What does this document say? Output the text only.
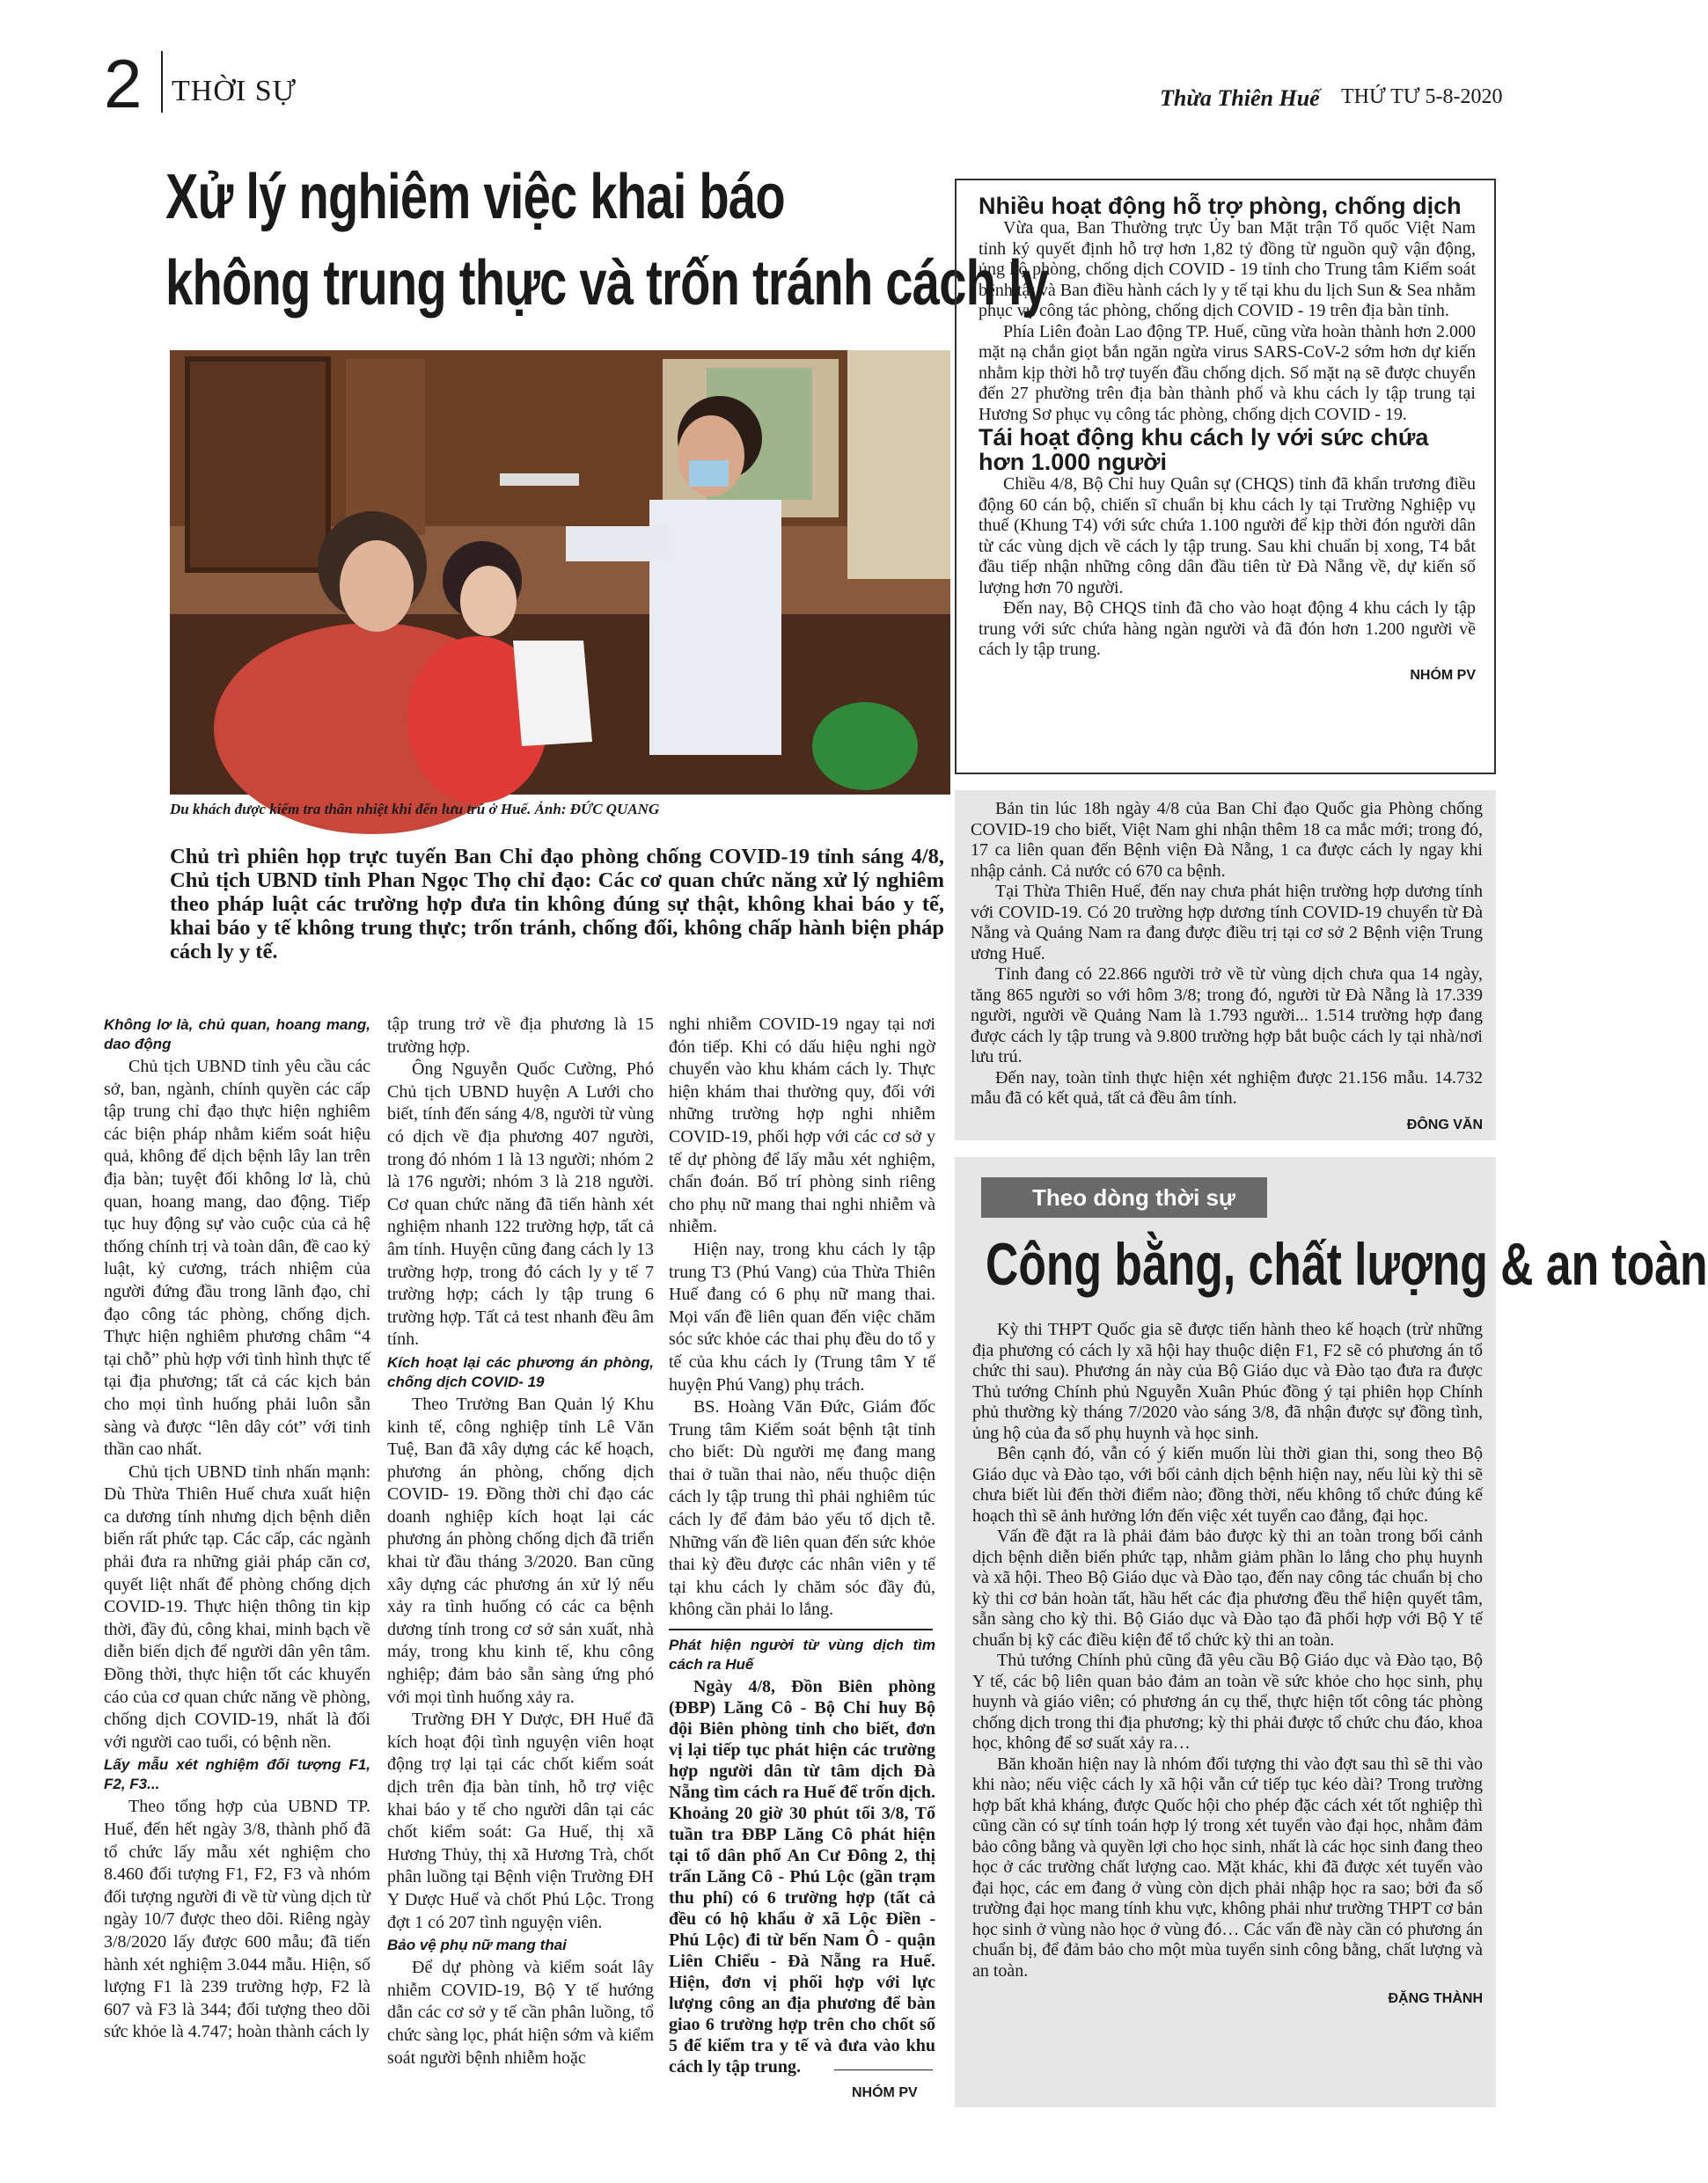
2 THỜI SỰ	Thừa Thiên Huế THỨ TƯ 5-8-2020
Xử lý nghiêm việc khai báo
không trung thực và trốn tránh cách ly
Du khách được kiểm tra thân nhiệt khi đến lưu trú ở Huế. Ảnh: ĐỨC QUANG
Chủ trì phiên họp trực tuyến Ban Chỉ đạo phòng chống COVID-19 tỉnh sáng 4/8, Chủ tịch UBND tỉnh Phan Ngọc Thọ chỉ đạo: Các cơ quan chức năng xử lý nghiêm theo pháp luật các trường hợp đưa tin không đúng sự thật, không khai báo y tế, khai báo y tế không trung thực; trốn tránh, chống đối, không chấp hành biện pháp cách ly y tế.
Không lơ là, chủ quan, hoang mang, dao động

Chủ tịch UBND tỉnh yêu cầu các sở, ban, ngành, chính quyền các cấp tập trung chỉ đạo thực hiện nghiêm các biện pháp nhằm kiểm soát hiệu quả, không để dịch bệnh lây lan trên địa bàn; tuyệt đối không lơ là, chủ quan, hoang mang, dao động. Tiếp tục huy động sự vào cuộc của cả hệ thống chính trị và toàn dân, đề cao kỷ luật, kỷ cương, trách nhiệm của người đứng đầu trong lãnh đạo, chỉ đạo công tác phòng, chống dịch. Thực hiện nghiêm phương châm “4 tại chỗ” phù hợp với tình hình thực tế tại địa phương; tất cả các kịch bản cho mọi tình huống phải luôn sẵn sàng và được “lên dây cót” với tinh thần cao nhất.

Chủ tịch UBND tỉnh nhấn mạnh: Dù Thừa Thiên Huế chưa xuất hiện ca dương tính nhưng dịch bệnh diễn biến rất phức tạp. Các cấp, các ngành phải đưa ra những giải pháp căn cơ, quyết liệt nhất để phòng chống dịch COVID-19. Thực hiện thông tin kịp thời, đầy đủ, công khai, minh bạch về diễn biến dịch để người dân yên tâm. Đồng thời, thực hiện tốt các khuyến cáo của cơ quan chức năng về phòng, chống dịch COVID-19, nhất là đối với người cao tuổi, có bệnh nền.

Lấy mẫu xét nghiệm đối tượng F1, F2, F3...

Theo tổng hợp của UBND TP. Huế, đến hết ngày 3/8, thành phố đã tổ chức lấy mẫu xét nghiệm cho 8.460 đối tượng F1, F2, F3 và nhóm đối tượng người đi về từ vùng dịch từ ngày 10/7 được theo dõi. Riêng ngày 3/8/2020 lấy được 600 mẫu; đã tiến hành xét nghiệm 3.044 mẫu. Hiện, số lượng F1 là 239 trường hợp, F2 là 607 và F3 là 344; đối tượng theo dõi sức khỏe là 4.747; hoàn thành cách ly

tập trung trở về địa phương là 15 trường hợp.

Ông Nguyễn Quốc Cường, Phó Chủ tịch UBND huyện A Lưới cho biết, tính đến sáng 4/8, người từ vùng có dịch về địa phương 407 người, trong đó nhóm 1 là 13 người; nhóm 2 là 176 người; nhóm 3 là 218 người. Cơ quan chức năng đã tiến hành xét nghiệm nhanh 122 trường hợp, tất cả âm tính. Huyện cũng đang cách ly 13 trường hợp, trong đó cách ly y tế 7 trường hợp; cách ly tập trung 6 trường hợp. Tất cả test nhanh đều âm tính.

Kích hoạt lại các phương án phòng, chống dịch COVID- 19

Theo Trưởng Ban Quản lý Khu kinh tế, công nghiệp tỉnh Lê Văn Tuệ, Ban đã xây dựng các kế hoạch, phương án phòng, chống dịch COVID- 19. Đồng thời chỉ đạo các doanh nghiệp kích hoạt lại các phương án phòng chống dịch đã triển khai từ đầu tháng 3/2020. Ban cũng xây dựng các phương án xử lý nếu xảy ra tình huống có các ca bệnh dương tính trong cơ sở sản xuất, nhà máy, trong khu kinh tế, khu công nghiệp; đảm bảo sẵn sàng ứng phó với mọi tình huống xảy ra.

Trường ĐH Y Dược, ĐH Huế đã kích hoạt đội tình nguyện viên hoạt động trợ lại tại các chốt kiểm soát dịch trên địa bàn tỉnh, hỗ trợ việc khai báo y tế cho người dân tại các chốt kiểm soát: Ga Huế, thị xã Hương Thủy, thị xã Hương Trà, chốt phân luồng tại Bệnh viện Trường ĐH Y Dược Huế và chốt Phú Lộc. Trong đợt 1 có 207 tình nguyện viên.

Bảo vệ phụ nữ mang thai

Để dự phòng và kiểm soát lây nhiễm COVID-19, Bộ Y tế hướng dẫn các cơ sở y tế cần phân luồng, tổ chức sàng lọc, phát hiện sớm và kiểm soát người bệnh nhiễm hoặc

nghi nhiễm COVID-19 ngay tại nơi đón tiếp. Khi có dấu hiệu nghi ngờ chuyển vào khu khám cách ly. Thực hiện khám thai thường quy, đối với những trường hợp nghi nhiễm COVID-19, phối hợp với các cơ sở y tế dự phòng để lấy mẫu xét nghiệm, chẩn đoán. Bố trí phòng sinh riêng cho phụ nữ mang thai nghi nhiễm và nhiễm.

Hiện nay, trong khu cách ly tập trung T3 (Phú Vang) của Thừa Thiên Huế đang có 6 phụ nữ mang thai. Mọi vấn đề liên quan đến việc chăm sóc sức khỏe các thai phụ đều do tổ y tế của khu cách ly (Trung tâm Y tế huyện Phú Vang) phụ trách.

BS. Hoàng Văn Đức, Giám đốc Trung tâm Kiểm soát bệnh tật tỉnh cho biết: Dù người mẹ đang mang thai ở tuần thai nào, nếu thuộc diện cách ly tập trung thì phải nghiêm túc cách ly để đảm bảo yếu tố dịch tễ. Những vấn đề liên quan đến sức khỏe thai kỳ đều được các nhân viên y tế tại khu cách ly chăm sóc đầy đủ, không cần phải lo lắng.

Phát hiện người từ vùng dịch tìm cách ra Huế

Ngày 4/8, Đồn Biên phòng (ĐBP) Lăng Cô - Bộ Chỉ huy Bộ đội Biên phòng tỉnh cho biết, đơn vị lại tiếp tục phát hiện các trường hợp người dân từ tâm dịch Đà Nẵng tìm cách ra Huế để trốn dịch. Khoảng 20 giờ 30 phút tối 3/8, Tổ tuần tra ĐBP Lăng Cô phát hiện tại tổ dân phố An Cư Đông 2, thị trấn Lăng Cô - Phú Lộc (gần trạm thu phí) có 6 trường hợp (tất cả đều có hộ khẩu ở xã Lộc Điền - Phú Lộc) đi từ bến Nam Ô - quận Liên Chiểu - Đà Nẵng ra Huế. Hiện, đơn vị phối hợp với lực lượng công an địa phương để bàn giao 6 trường hợp trên cho chốt số 5 để kiểm tra y tế và đưa vào khu cách ly tập trung.

NHÓM PV
Nhiều hoạt động hỗ trợ phòng, chống dịch

Vừa qua, Ban Thường trực Ủy ban Mặt trận Tổ quốc Việt Nam tỉnh ký quyết định hỗ trợ hơn 1,82 tỷ đồng từ nguồn quỹ vận động, ủng hộ phòng, chống dịch COVID - 19 tỉnh cho Trung tâm Kiểm soát bệnh tật và Ban điều hành cách ly y tế tại khu du lịch Sun & Sea nhằm phục vụ công tác phòng, chống dịch COVID - 19 trên địa bàn tỉnh.

Phía Liên đoàn Lao động TP. Huế, cũng vừa hoàn thành hơn 2.000 mặt nạ chắn giọt bắn ngăn ngừa virus SARS-CoV-2 sớm hơn dự kiến nhằm kịp thời hỗ trợ tuyến đầu chống dịch. Số mặt nạ sẽ được chuyển đến 27 phường trên địa bàn thành phố và khu cách ly tập trung tại Hương Sơ phục vụ công tác phòng, chống dịch COVID - 19.

Tái hoạt động khu cách ly với sức chứa hơn 1.000 người

Chiều 4/8, Bộ Chỉ huy Quân sự (CHQS) tỉnh đã khẩn trương điều động 60 cán bộ, chiến sĩ chuẩn bị khu cách ly tại Trường Nghiệp vụ thuế (Khung T4) với sức chứa 1.100 người để kịp thời đón người dân từ các vùng dịch về cách ly tập trung. Sau khi chuẩn bị xong, T4 bắt đầu tiếp nhận những công dân đầu tiên từ Đà Nẵng về, dự kiến số lượng hơn 70 người.

Đến nay, Bộ CHQS tỉnh đã cho vào hoạt động 4 khu cách ly tập trung với sức chứa hàng ngàn người và đã đón hơn 1.200 người về cách ly tập trung.

NHÓM PV

Bản tin lúc 18h ngày 4/8 của Ban Chỉ đạo Quốc gia Phòng chống COVID-19 cho biết, Việt Nam ghi nhận thêm 18 ca mắc mới; trong đó, 17 ca liên quan đến Bệnh viện Đà Nẵng, 1 ca được cách ly ngay khi nhập cảnh. Cả nước có 670 ca bệnh.

Tại Thừa Thiên Huế, đến nay chưa phát hiện trường hợp dương tính với COVID-19. Có 20 trường hợp dương tính COVID-19 chuyển từ Đà Nẵng và Quảng Nam ra đang được điều trị tại cơ sở 2 Bệnh viện Trung ương Huế.

Tỉnh đang có 22.866 người trở về từ vùng dịch chưa qua 14 ngày, tăng 865 người so với hôm 3/8; trong đó, người từ Đà Nẵng là 17.339 người, người về Quảng Nam là 1.793 người... 1.514 trường hợp đang được cách ly tập trung và 9.800 trường hợp bắt buộc cách ly tại nhà/nơi lưu trú.

Đến nay, toàn tỉnh thực hiện xét nghiệm được 21.156 mẫu. 14.732 mẫu đã có kết quả, tất cả đều âm tính.

ĐÔNG VĂN
Theo dòng thời sự
Công bằng, chất lượng & an toàn

Kỳ thi THPT Quốc gia sẽ được tiến hành theo kế hoạch (trừ những địa phương có cách ly xã hội hay thuộc diện F1, F2 sẽ có phương án tổ chức thi sau). Phương án này của Bộ Giáo dục và Đào tạo đưa ra được Thủ tướng Chính phủ Nguyễn Xuân Phúc đồng ý tại phiên họp Chính phủ thường kỳ tháng 7/2020 vào sáng 3/8, đã nhận được sự đồng tình, ủng hộ của đa số phụ huynh và học sinh.

Bên cạnh đó, vẫn có ý kiến muốn lùi thời gian thi, song theo Bộ Giáo dục và Đào tạo, với bối cảnh dịch bệnh hiện nay, nếu lùi kỳ thi sẽ chưa biết lùi đến thời điểm nào; đồng thời, nếu không tổ chức đúng kế hoạch thì sẽ ảnh hưởng lớn đến việc xét tuyển cao đẳng, đại học.

Vấn đề đặt ra là phải đảm bảo được kỳ thi an toàn trong bối cảnh dịch bệnh diễn biến phức tạp, nhằm giảm phần lo lắng cho phụ huynh và xã hội. Theo Bộ Giáo dục và Đào tạo, đến nay công tác chuẩn bị cho kỳ thi cơ bản hoàn tất, hầu hết các địa phương đều thể hiện quyết tâm, sẵn sàng cho kỳ thi. Bộ Giáo dục và Đào tạo đã phối hợp với Bộ Y tế chuẩn bị kỹ các điều kiện để tổ chức kỳ thi an toàn.

Thủ tướng Chính phủ cũng đã yêu cầu Bộ Giáo dục và Đào tạo, Bộ Y tế, các bộ liên quan bảo đảm an toàn về sức khỏe cho học sinh, phụ huynh và giáo viên; có phương án cụ thể, thực hiện tốt công tác phòng chống dịch trong thi địa phương; kỳ thi phải được tổ chức chu đáo, khoa học, không để sơ suất xảy ra…

Băn khoăn hiện nay là nhóm đối tượng thi vào đợt sau thì sẽ thi vào khi nào; nếu việc cách ly xã hội vẫn cứ tiếp tục kéo dài? Trong trường hợp bất khả kháng, được Quốc hội cho phép đặc cách xét tốt nghiệp thì cũng cần có sự tính toán hợp lý trong xét tuyển vào đại học, nhằm đảm bảo công bằng và quyền lợi cho học sinh, nhất là các học sinh đang theo học ở các trường chất lượng cao. Mặt khác, khi đã được xét tuyển vào đại học, các em đang ở vùng còn dịch phải nhập học ra sao; bởi đa số trường đại học mang tính khu vực, không phải như trường THPT cơ bản học sinh ở vùng nào học ở vùng đó… Các vấn đề này cần có phương án chuẩn bị, để đảm bảo cho một mùa tuyển sinh công bằng, chất lượng và an toàn.

ĐẶNG THÀNH
